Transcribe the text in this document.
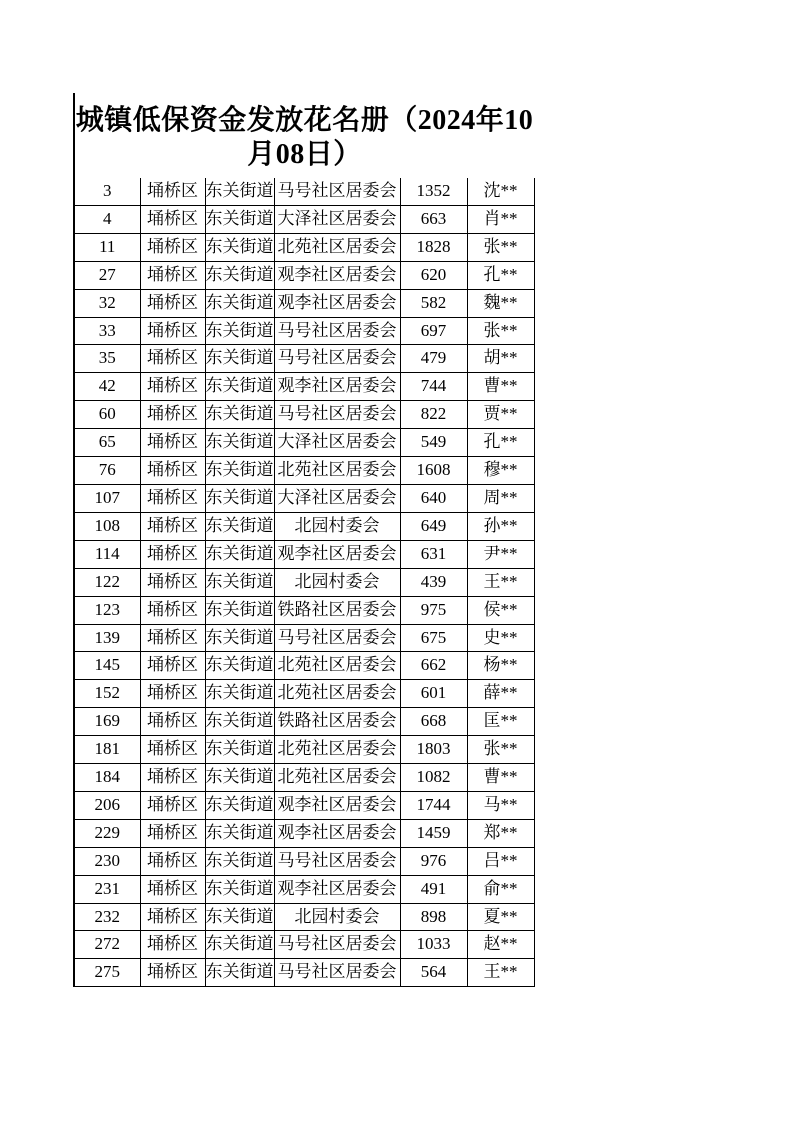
城镇低保资金发放花名册（2024年10
月08日）
3	埇桥区	东关街道	马号社区居委会	1352	沈**
4	埇桥区	东关街道	大泽社区居委会	663	肖**
11	埇桥区	东关街道	北苑社区居委会	1828	张**
27	埇桥区	东关街道	观李社区居委会	620	孔**
32	埇桥区	东关街道	观李社区居委会	582	魏**
33	埇桥区	东关街道	马号社区居委会	697	张**
35	埇桥区	东关街道	马号社区居委会	479	胡**
42	埇桥区	东关街道	观李社区居委会	744	曹**
60	埇桥区	东关街道	马号社区居委会	822	贾**
65	埇桥区	东关街道	大泽社区居委会	549	孔**
76	埇桥区	东关街道	北苑社区居委会	1608	穆**
107	埇桥区	东关街道	大泽社区居委会	640	周**
108	埇桥区	东关街道	北园村委会	649	孙**
114	埇桥区	东关街道	观李社区居委会	631	尹**
122	埇桥区	东关街道	北园村委会	439	王**
123	埇桥区	东关街道	铁路社区居委会	975	侯**
139	埇桥区	东关街道	马号社区居委会	675	史**
145	埇桥区	东关街道	北苑社区居委会	662	杨**
152	埇桥区	东关街道	北苑社区居委会	601	薛**
169	埇桥区	东关街道	铁路社区居委会	668	匡**
181	埇桥区	东关街道	北苑社区居委会	1803	张**
184	埇桥区	东关街道	北苑社区居委会	1082	曹**
206	埇桥区	东关街道	观李社区居委会	1744	马**
229	埇桥区	东关街道	观李社区居委会	1459	郑**
230	埇桥区	东关街道	马号社区居委会	976	吕**
231	埇桥区	东关街道	观李社区居委会	491	俞**
232	埇桥区	东关街道	北园村委会	898	夏**
272	埇桥区	东关街道	马号社区居委会	1033	赵**
275	埇桥区	东关街道	马号社区居委会	564	王**
